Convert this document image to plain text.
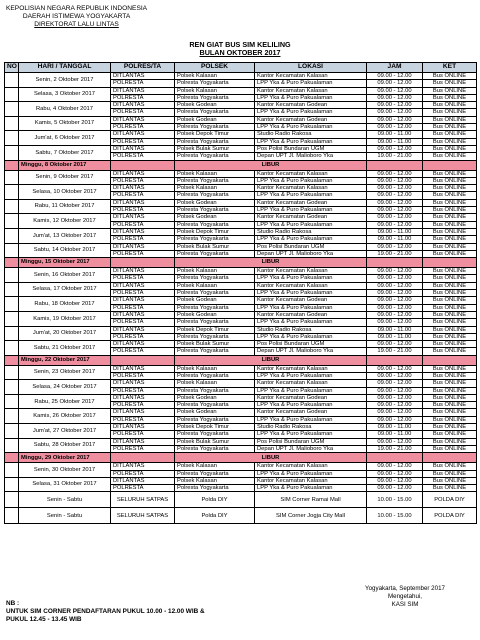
KEPOLISIAN NEGARA REPUBLIK INDONESIA
DAERAH ISTIMEWA YOGYAKARTA
DIREKTORAT LALU LINTAS
REN GIAT BUS SIM KELILING
BULAN OKTOBER 2017
NO	HARI / TANGGAL	POLRES/TA	POLSEK	LOKASI	JAM	KET
	Senin, 2 Oktober 2017	DITLANTAS	Polsek Kalasan	Kantor Kecamatan Kalasan	09.00 - 12.00	Bus ONLINE
		POLRESTA	Polresta Yogyakarta	LPP Yka & Puro Pakualaman	09.00 - 12.00	Bus ONLINE
	Selasa, 3 Oktober 2017	DITLANTAS	Polsek Kalasan	Kantor Kecamatan Kalasan	09.00 - 12.00	Bus ONLINE
		POLRESTA	Polresta Yogyakarta	LPP Yka & Puro Pakualaman	09.00 - 12.00	Bus ONLINE
	Rabu, 4 Oktober 2017	DITLANTAS	Polsek Godean	Kantor Kecamatan Godean	09.00 - 12.00	Bus ONLINE
		POLRESTA	Polresta Yogyakarta	LPP Yka & Puro Pakualaman	09.00 - 12.00	Bus ONLINE
	Kamis, 5 Oktober 2017	DITLANTAS	Polsek Godean	Kantor Kecamatan Godean	09.00 - 12.00	Bus ONLINE
		POLRESTA	Polresta Yogyakarta	LPP Yka & Puro Pakualaman	09.00 - 12.00	Bus ONLINE
	Jum'at, 6 Oktober 2017	DITLANTAS	Polsek Depok Timur	Studio Radio Rakosa	09.00 - 11.00	Bus ONLINE
		POLRESTA	Polresta Yogyakarta	LPP Yka & Puro Pakualaman	09.00 - 11.00	Bus ONLINE
	Sabtu, 7 Oktober 2017	DITLANTAS	Polsek Bulak Sumur	Pos Polisi Bundaran UGM	09.00 - 12.00	Bus ONLINE
		POLRESTA	Polresta Yogyakarta	Depan UPT Jl. Malioboro Yka	19.00 - 21.00	Bus ONLINE
	Minggu, 8 Oktober 2017		LIBUR			
	Senin, 9 Oktober 2017	DITLANTAS	Polsek Kalasan	Kantor Kecamatan Kalasan	09.00 - 12.00	Bus ONLINE
		POLRESTA	Polresta Yogyakarta	LPP Yka & Puro Pakualaman	09.00 - 12.00	Bus ONLINE
	Selasa, 10 Oktober 2017	DITLANTAS	Polsek Kalasan	Kantor Kecamatan Kalasan	09.00 - 12.00	Bus ONLINE
		POLRESTA	Polresta Yogyakarta	LPP Yka & Puro Pakualaman	09.00 - 12.00	Bus ONLINE
	Rabu, 11 Oktober 2017	DITLANTAS	Polsek Godean	Kantor Kecamatan Godean	09.00 - 12.00	Bus ONLINE
		POLRESTA	Polresta Yogyakarta	LPP Yka & Puro Pakualaman	09.00 - 12.00	Bus ONLINE
	Kamis, 12 Oktober 2017	DITLANTAS	Polsek Godean	Kantor Kecamatan Godean	09.00 - 12.00	Bus ONLINE
		POLRESTA	Polresta Yogyakarta	LPP Yka & Puro Pakualaman	09.00 - 12.00	Bus ONLINE
	Jum'at, 13 Oktober 2017	DITLANTAS	Polsek Depok Timur	Studio Radio Rakosa	09.00 - 11.00	Bus ONLINE
		POLRESTA	Polresta Yogyakarta	LPP Yka & Puro Pakualaman	09.00 - 11.00	Bus ONLINE
	Sabtu, 14 Oktober 2017	DITLANTAS	Polsek Bulak Sumur	Pos Polisi Bundaran UGM	09.00 - 12.00	Bus ONLINE
		POLRESTA	Polresta Yogyakarta	Depan UPT Jl. Malioboro Yka	19.00 - 21.00	Bus ONLINE
	Minggu, 15 Oktober 2017		LIBUR			
	Senin, 16 Oktober 2017	DITLANTAS	Polsek Kalasan	Kantor Kecamatan Kalasan	09.00 - 12.00	Bus ONLINE
		POLRESTA	Polresta Yogyakarta	LPP Yka & Puro Pakualaman	09.00 - 12.00	Bus ONLINE
	Selasa, 17 Oktober 2017	DITLANTAS	Polsek Kalasan	Kantor Kecamatan Kalasan	09.00 - 12.00	Bus ONLINE
		POLRESTA	Polresta Yogyakarta	LPP Yka & Puro Pakualaman	09.00 - 12.00	Bus ONLINE
	Rabu, 18 Oktober 2017	DITLANTAS	Polsek Godean	Kantor Kecamatan Godean	09.00 - 12.00	Bus ONLINE
		POLRESTA	Polresta Yogyakarta	LPP Yka & Puro Pakualaman	09.00 - 12.00	Bus ONLINE
	Kamis, 19 Oktober 2017	DITLANTAS	Polsek Godean	Kantor Kecamatan Godean	09.00 - 12.00	Bus ONLINE
		POLRESTA	Polresta Yogyakarta	LPP Yka & Puro Pakualaman	09.00 - 12.00	Bus ONLINE
	Jum'at, 20 Oktober 2017	DITLANTAS	Polsek Depok Timur	Studio Radio Rakosa	09.00 - 11.00	Bus ONLINE
		POLRESTA	Polresta Yogyakarta	LPP Yka & Puro Pakualaman	09.00 - 11.00	Bus ONLINE
	Sabtu, 21 Oktober 2017	DITLANTAS	Polsek Bulak Sumur	Pos Polisi Bundaran UGM	09.00 - 12.00	Bus ONLINE
		POLRESTA	Polresta Yogyakarta	Depan UPT Jl. Malioboro Yka	19.00 - 21.00	Bus ONLINE
	Minggu, 22 Oktober 2017		LIBUR			
	Senin, 23 Oktober 2017	DITLANTAS	Polsek Kalasan	Kantor Kecamatan Kalasan	09.00 - 12.00	Bus ONLINE
		POLRESTA	Polresta Yogyakarta	LPP Yka & Puro Pakualaman	09.00 - 12.00	Bus ONLINE
	Selasa, 24 Oktober 2017	DITLANTAS	Polsek Kalasan	Kantor Kecamatan Kalasan	09.00 - 12.00	Bus ONLINE
		POLRESTA	Polresta Yogyakarta	LPP Yka & Puro Pakualaman	09.00 - 12.00	Bus ONLINE
	Rabu, 25 Oktober 2017	DITLANTAS	Polsek Godean	Kantor Kecamatan Godean	09.00 - 12.00	Bus ONLINE
		POLRESTA	Polresta Yogyakarta	LPP Yka & Puro Pakualaman	09.00 - 12.00	Bus ONLINE
	Kamis, 26 Oktober 2017	DITLANTAS	Polsek Godean	Kantor Kecamatan Godean	09.00 - 12.00	Bus ONLINE
		POLRESTA	Polresta Yogyakarta	LPP Yka & Puro Pakualaman	09.00 - 12.00	Bus ONLINE
	Jum'at, 27 Oktober 2017	DITLANTAS	Polsek Depok Timur	Studio Radio Rakosa	09.00 - 11.00	Bus ONLINE
		POLRESTA	Polresta Yogyakarta	LPP Yka & Puro Pakualaman	09.00 - 11.00	Bus ONLINE
	Sabtu, 28 Oktober 2017	DITLANTAS	Polsek Bulak Sumur	Pos Polisi Bundaran UGM	09.00 - 12.00	Bus ONLINE
		POLRESTA	Polresta Yogyakarta	Depan UPT Jl. Malioboro Yka	19.00 - 21.00	Bus ONLINE
	Minggu, 29 Oktober 2017		LIBUR			
	Senin, 30 Oktober 2017	DITLANTAS	Polsek Kalasan	Kantor Kecamatan Kalasan	09.00 - 12.00	Bus ONLINE
		POLRESTA	Polresta Yogyakarta	LPP Yka & Puro Pakualaman	09.00 - 12.00	Bus ONLINE
	Selasa, 31 Oktober 2017	DITLANTAS	Polsek Kalasan	Kantor Kecamatan Kalasan	09.00 - 12.00	Bus ONLINE
		POLRESTA	Polresta Yogyakarta	LPP Yka & Puro Pakualaman	09.00 - 12.00	Bus ONLINE
	Senin - Sabtu	SELURUH SATPAS	Polda DIY	SIM Corner Ramai Mall	10.00 - 15.00	POLDA DIY
	Senin - Sabtu	SELURUH SATPAS	Polda DIY	SIM Corner Jogja City Mall	10.00 - 15.00	POLDA DIY
NB :
UNTUK SIM CORNER PENDAFTARAN PUKUL 10.00 - 12.00 WIB &
PUKUL 12.45 - 13.45 WIB
Yogyakarta, September 2017
Mengetahui,
KASI SIM
